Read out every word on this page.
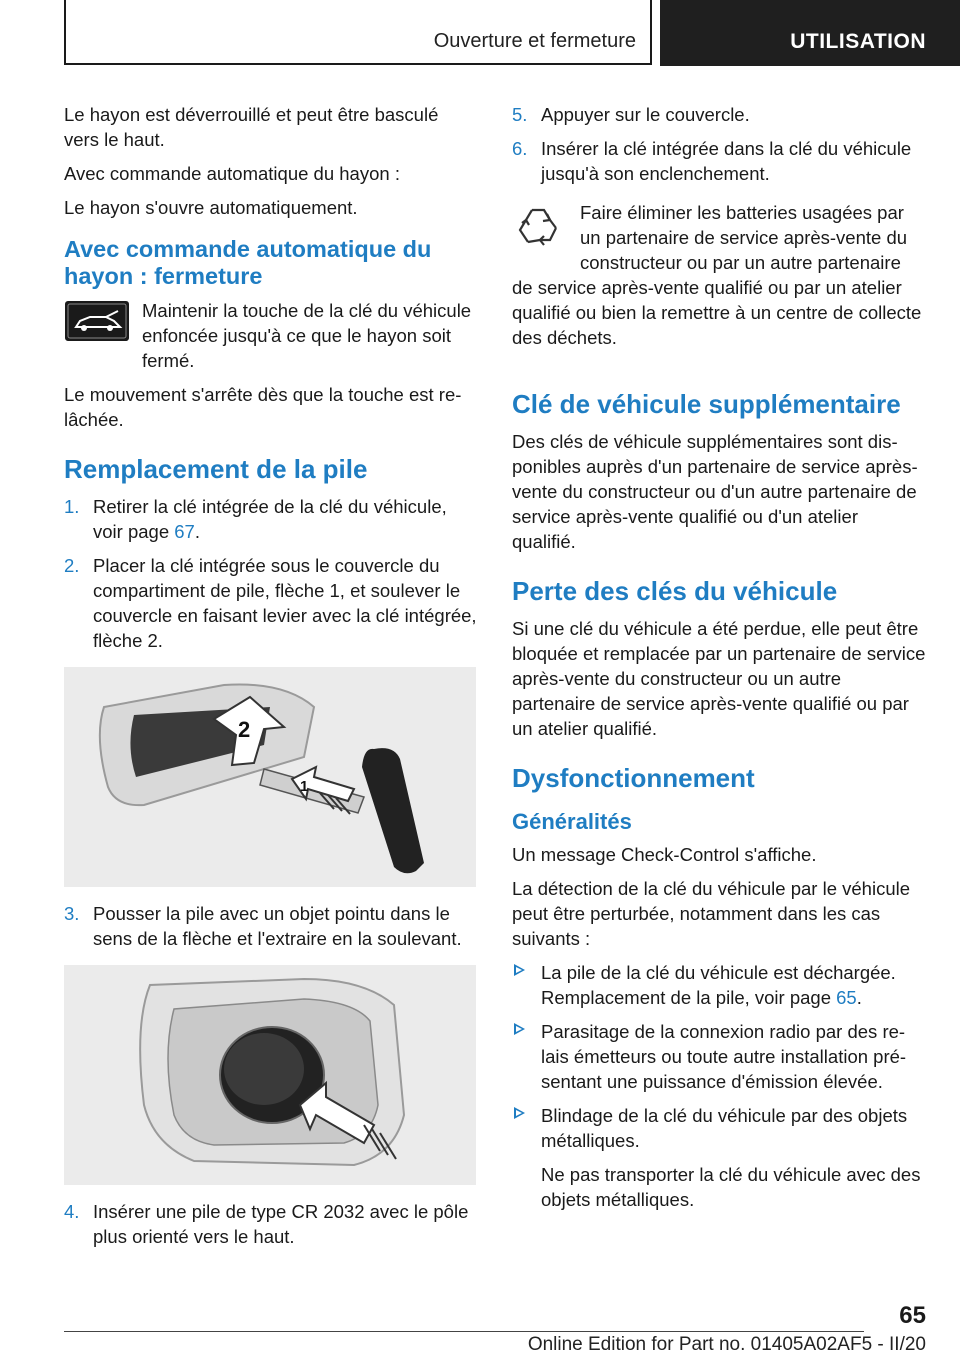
Ouverture et fermeture	UTILISATION

Le hayon est déverrouillé et peut être basculé vers le haut.

Avec commande automatique du hayon :

Le hayon s'ouvre automatiquement.

Avec commande automatique du hayon : fermeture

Maintenir la touche de la clé du véhicule enfoncée jusqu'à ce que le hayon soit fermé.

Le mouvement s'arrête dès que la touche est relâchée.

Remplacement de la pile
1. Retirer la clé intégrée de la clé du véhicule, voir page 67.
2. Placer la clé intégrée sous le couvercle du compartiment de pile, flèche 1, et soulever le couvercle en faisant levier avec la clé intégrée, flèche 2.
2
1
3. Pousser la pile avec un objet pointu dans le sens de la flèche et l'extraire en la soulevant.
4. Insérer une pile de type CR 2032 avec le pôle plus orienté vers le haut.
5. Appuyer sur le couvercle.
6. Insérer la clé intégrée dans la clé du véhicule jusqu'à son enclenchement.

Faire éliminer les batteries usagées par un partenaire de service après-vente du constructeur ou par un autre partenaire de service après-vente qualifié ou par un atelier qualifié ou bien la remettre à un centre de collecte des déchets.

Clé de véhicule supplémentaire

Des clés de véhicule supplémentaires sont disponibles auprès d'un partenaire de service après-vente du constructeur ou d'un autre partenaire de service après-vente qualifié ou d'un atelier qualifié.

Perte des clés du véhicule

Si une clé du véhicule a été perdue, elle peut être bloquée et remplacée par un partenaire de service après-vente du constructeur ou un autre partenaire de service après-vente qualifié ou par un atelier qualifié.

Dysfonctionnement
Généralités

Un message Check-Control s'affiche.

La détection de la clé du véhicule par le véhicule peut être perturbée, notamment dans les cas suivants :

La pile de la clé du véhicule est déchargée. Remplacement de la pile, voir page 65.
Parasitage de la connexion radio par des relais émetteurs ou toute autre installation présentant une puissance d'émission élevée.
Blindage de la clé du véhicule par des objets métalliques.
Ne pas transporter la clé du véhicule avec des objets métalliques.
65
Online Edition for Part no. 01405A02AF5 - II/20
